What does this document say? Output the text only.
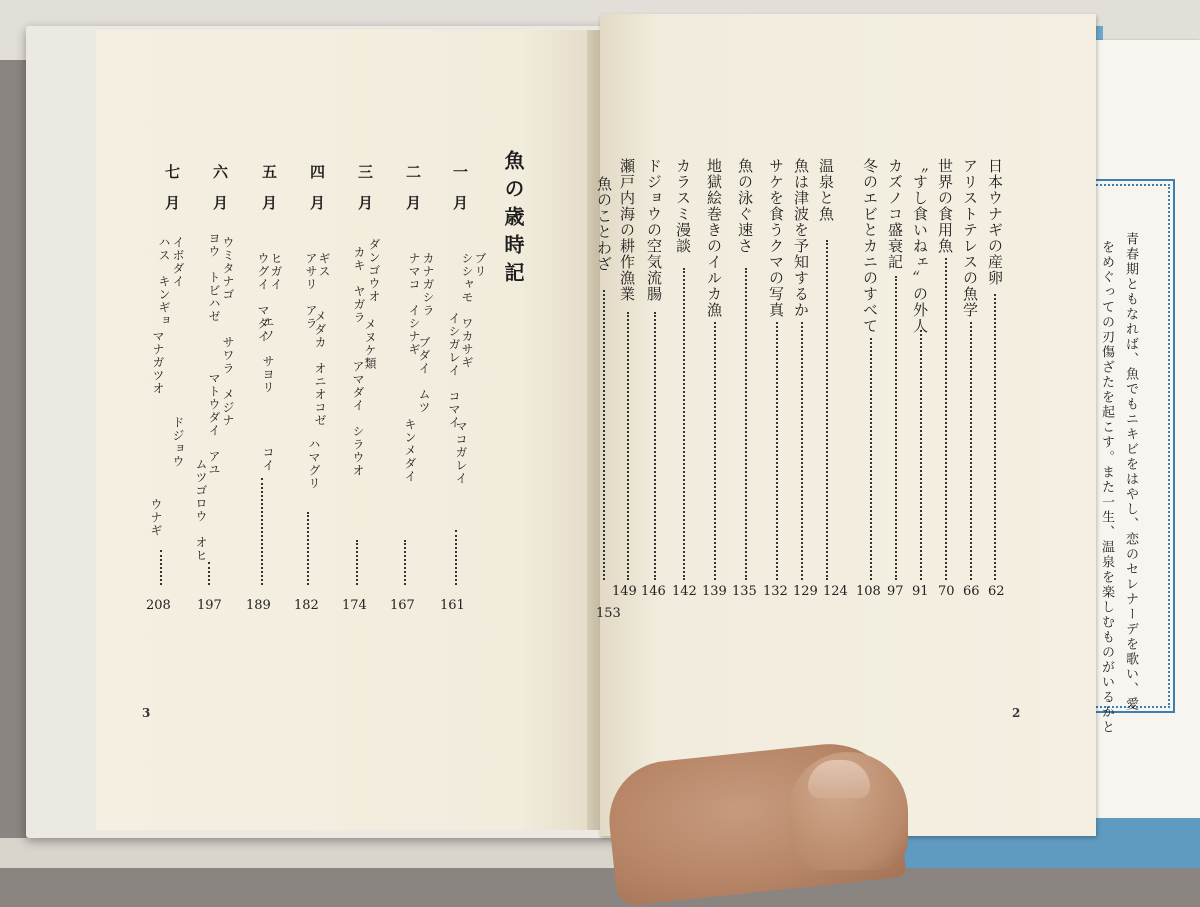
青春期ともなれば、魚でもニキビをはやし、恋のセレナーデを歌い、愛
をめぐっての刃傷ざたを起こす。また一生、温泉を楽しむものがいるかと
魚の歳時記
一月
ブリ
シシャモ　ワカサギ
イシガレイ　コマイ
マコガレイ
161
二月
カナガシラ
ナマコ　イシナギ
ブダイ　ムツ
キンメダイ
167
三月
ダンゴウオ
カキ　ヤガラ
メヌケ類
アマダイ　シラウオ
174
四月
ギス
アサリ　アラ
メダカ　オニオコゼ
ハマグリ
182
五月
ヒガイ
ウグイ　マダイ
エソ　サヨリ
コイ
189
六月
ウミタナゴ
ヨウ　トビハゼ
サワラ　メジナ
マトウダイ　アユ
ムツゴロウ　オヒ
197
七月
イボダイ
ハス　キンギョ
マナガツオ
ドジョウ
ウナギ
208
3
日本ウナギの産卵
62
アリストテレスの魚学
66
世界の食用魚
70
〝すし食いねェ〟の外人
91
カズノコ盛衰記
97
冬のエビとカニのすべて
108
温泉と魚
124
魚は津波を予知するか
129
サケを食うクマの写真
132
魚の泳ぐ速さ
135
地獄絵巻きのイルカ漁
139
カラスミ漫談
142
ドジョウの空気流腸
146
瀬戸内海の耕作漁業
149
魚のことわざ
153
2
